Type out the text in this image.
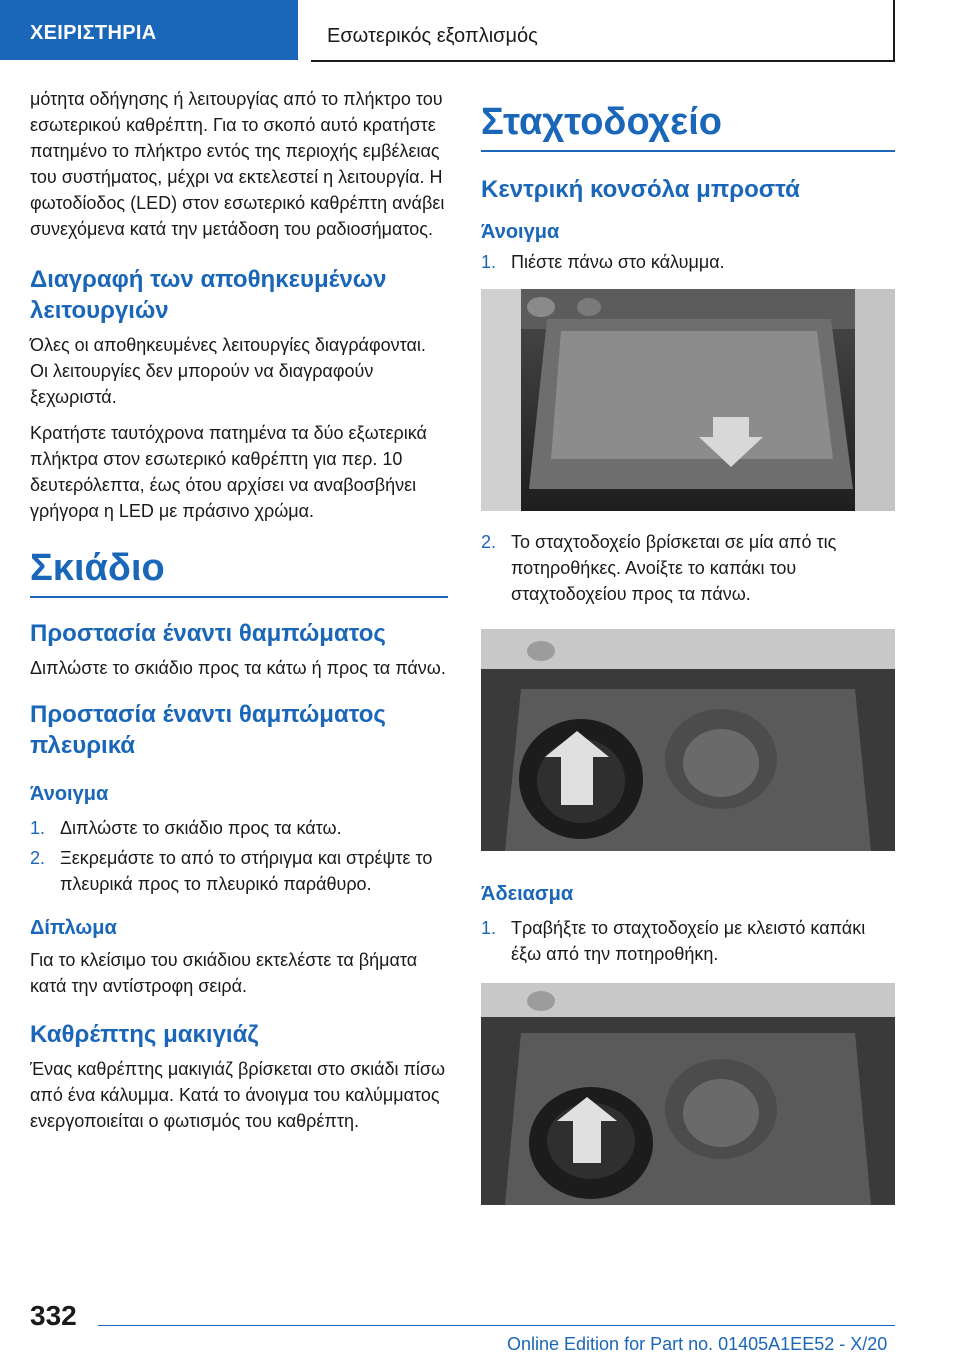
ΧΕΙΡΙΣΤΗΡΙΑ	Εσωτερικός εξοπλισμός

μότητα οδήγησης ή λειτουργίας από το πλήκτρο του εσωτερικού καθρέπτη. Για το σκοπό αυτό κρατήστε πατημένο το πλήκτρο εντός της περιοχής εμβέλειας του συστήματος, μέχρι να εκτελεστεί η λειτουργία. Η φωτοδίοδος (LED) στον εσωτερικό καθρέπτη ανάβει συνεχόμενα κατά την μετάδοση του ραδιοσήματος.

Διαγραφή των αποθηκευμένων λειτουργιών

Όλες οι αποθηκευμένες λειτουργίες διαγράφονται. Οι λειτουργίες δεν μπορούν να διαγραφούν ξεχωριστά.

Κρατήστε ταυτόχρονα πατημένα τα δύο εξωτερικά πλήκτρα στον εσωτερικό καθρέπτη για περ. 10 δευτερόλεπτα, έως ότου αρχίσει να αναβοσβήνει γρήγορα η LED με πράσινο χρώμα.

Σκιάδιο
Προστασία έναντι θαμπώματος

Διπλώστε το σκιάδιο προς τα κάτω ή προς τα πάνω.

Προστασία έναντι θαμπώματος πλευρικά
Άνοιγμα
1. Διπλώστε το σκιάδιο προς τα κάτω.
2. Ξεκρεμάστε το από το στήριγμα και στρέψτε το πλευρικά προς το πλευρικό παράθυρο.
Δίπλωμα

Για το κλείσιμο του σκιάδιου εκτελέστε τα βήματα κατά την αντίστροφη σειρά.

Καθρέπτης μακιγιάζ

Ένας καθρέπτης μακιγιάζ βρίσκεται στο σκιάδι πίσω από ένα κάλυμμα. Κατά το άνοιγμα του καλύμματος ενεργοποιείται ο φωτισμός του καθρέπτη.

Σταχτοδοχείο
Κεντρική κονσόλα μπροστά
Άνοιγμα
1. Πιέστε πάνω στο κάλυμμα.
2. Το σταχτοδοχείο βρίσκεται σε μία από τις ποτηροθήκες. Ανοίξτε το καπάκι του σταχτοδοχείου προς τα πάνω.
Άδειασμα
1. Τραβήξτε το σταχτοδοχείο με κλειστό καπάκι έξω από την ποτηροθήκη.
332
Online Edition for Part no. 01405A1EE52 - X/20
